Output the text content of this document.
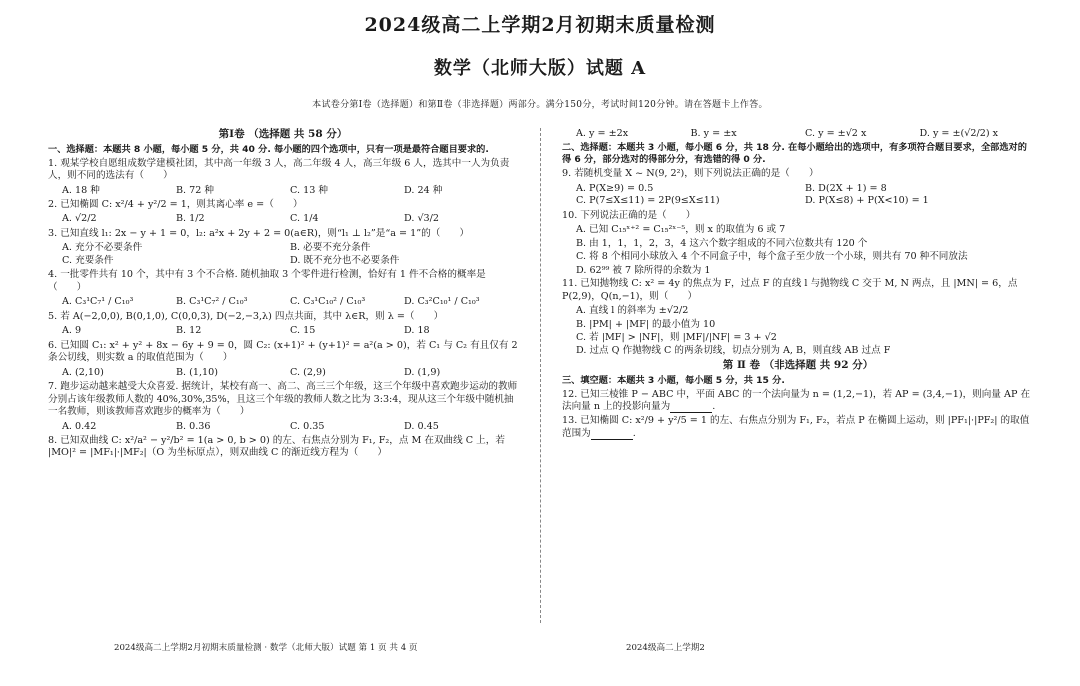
2024级高二上学期2月初期末质量检测
数学（北师大版）试题 A
本试卷分第Ⅰ卷（选择题）和第Ⅱ卷（非选择题）两部分。满分150分，考试时间120分钟。请在答题卡上作答。
第Ⅰ卷 （选择题 共 58 分）
一、选择题：本题共 8 小题，每小题 5 分，共 40 分. 每小题的四个选项中，只有一项是最符合题目要求的.
1. 观某学校自愿组成数学建模社团，其中高一年级 3 人，高二年级 4 人，高三年级 6 人，选其中一人为负责人，则不同的选法有（　　）
A. 18 种	B. 72 种	C. 13 种	D. 24 种
2. 已知椭圆 C: x²/4 + y²/2 = 1，则其离心率 e =（　　）
A. √2/2	B. 1/2	C. 1/4	D. √3/2
3. 已知直线 l₁: 2x − y + 1 = 0，l₂: a²x + 2y + 2 = 0(a∈R)，则“l₁ ⊥ l₂”是“a = 1”的（　　）
A. 充分不必要条件	B. 必要不充分条件
C. 充要条件	D. 既不充分也不必要条件
4. 一批零件共有 10 个，其中有 3 个不合格. 随机抽取 3 个零件进行检测，恰好有 1 件不合格的概率是（　　）
A. C₃¹C₇¹ / C₁₀³	B. C₃¹C₇² / C₁₀³	C. C₃¹C₁₀² / C₁₀³	D. C₃²C₁₀¹ / C₁₀³
5. 若 A(−2,0,0), B(0,1,0), C(0,0,3), D(−2,−3,λ) 四点共面，其中 λ∈R，则 λ =（　　）
A. 9	B. 12	C. 15	D. 18
6. 已知圆 C₁: x² + y² + 8x − 6y + 9 = 0，圆 C₂: (x+1)² + (y+1)² = a²(a > 0)，若 C₁ 与 C₂ 有且仅有 2 条公切线，则实数 a 的取值范围为（　　）
A. (2,10)	B. (1,10)	C. (2,9)	D. (1,9)
7. 跑步运动越来越受大众喜爱. 据统计，某校有高一、高二、高三三个年级，这三个年级中喜欢跑步运动的教师分别占该年级教师人数的 40%,30%,35%，且这三个年级的教师人数之比为 3:3:4，现从这三个年级中随机抽一名教师，则该教师喜欢跑步的概率为（　　）
A. 0.42	B. 0.36	C. 0.35	D. 0.45
8. 已知双曲线 C: x²/a² − y²/b² = 1(a > 0, b > 0) 的左、右焦点分别为 F₁, F₂，点 M 在双曲线 C 上，若 |MO|² = |MF₁|·|MF₂|（O 为坐标原点），则双曲线 C 的渐近线方程为（　　）
A. y = ±2x	B. y = ±x	C. y = ±√2 x	D. y = ±(√2/2) x
二、选择题：本题共 3 小题，每小题 6 分，共 18 分. 在每小题给出的选项中，有多项符合题目要求，全部选对的得 6 分，部分选对的得部分分，有选错的得 0 分.
9. 若随机变量 X ~ N(9, 2²)，则下列说法正确的是（　　）
A. P(X≥9) = 0.5	B. D(2X + 1) = 8
C. P(7≤X≤11) = 2P(9≤X≤11)	D. P(X≤8) + P(X<10) = 1
10. 下列说法正确的是（　　）
A. 已知 C₁₅ˣ⁺² = C₁₅²ˣ⁻⁵，则 x 的取值为 6 或 7
B. 由 1，1，1，2，3，4 这六个数字组成的不同六位数共有 120 个
C. 将 8 个相同小球放入 4 个不同盒子中，每个盒子至少放一个小球，则共有 70 种不同放法
D. 62⁹⁹ 被 7 除所得的余数为 1
11. 已知抛物线 C: x² = 4y 的焦点为 F，过点 F 的直线 l 与抛物线 C 交于 M, N 两点，且 |MN| = 6，点 P(2,9)，Q(n,−1)，则（　　）
A. 直线 l 的斜率为 ±√2/2
B. |PM| + |MF| 的最小值为 10
C. 若 |MF| > |NF|，则 |MF|/|NF| = 3 + √2
D. 过点 Q 作抛物线 C 的两条切线，切点分别为 A, B，则直线 AB 过点 F
第 Ⅱ 卷 （非选择题 共 92 分）
三、填空题：本题共 3 小题，每小题 5 分，共 15 分.
12. 已知三棱锥 P − ABC 中，平面 ABC 的一个法向量为 n = (1,2,−1)，若 AP = (3,4,−1)，则向量 AP 在法向量 n 上的投影向量为	.
13. 已知椭圆 C: x²/9 + y²/5 = 1 的左、右焦点分别为 F₁, F₂，若点 P 在椭圆上运动，则 |PF₁|·|PF₂| 的取值范围为	.
2024级高二上学期2月初期末质量检测 · 数学（北师大版）试题 第 1 页 共 4 页	2024级高二上学期2
